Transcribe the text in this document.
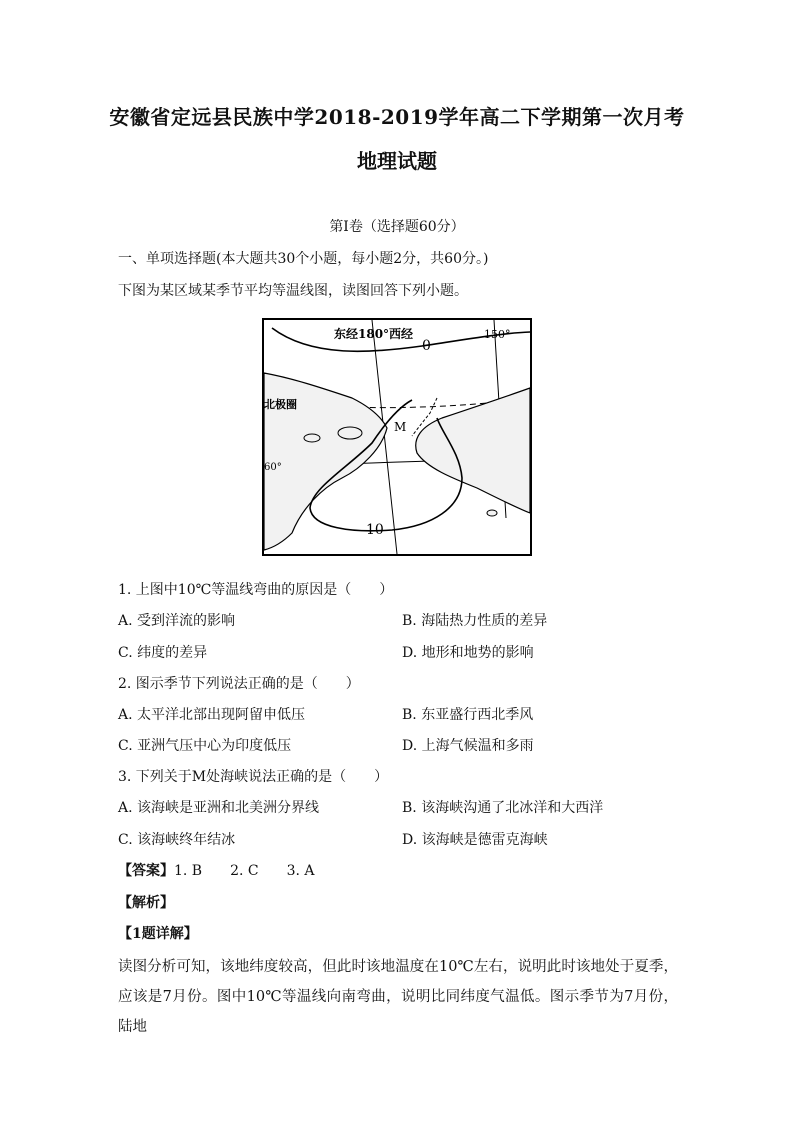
安徽省定远县民族中学2018-2019学年高二下学期第一次月考
地理试题
第Ⅰ卷（选择题60分）
一、单项选择题(本大题共30个小题，每小题2分，共60分。)
下图为某区域某季节平均等温线图，读图回答下列小题。
东经180°西经	150°
0
北极圈
60°
M
10
1. 上图中10℃等温线弯曲的原因是（　　）
A. 受到洋流的影响	B. 海陆热力性质的差异
C. 纬度的差异	D. 地形和地势的影响
2. 图示季节下列说法正确的是（　　）
A. 太平洋北部出现阿留申低压	B. 东亚盛行西北季风
C. 亚洲气压中心为印度低压	D. 上海气候温和多雨
3. 下列关于M处海峡说法正确的是（　　）
A. 该海峡是亚洲和北美洲分界线	B. 该海峡沟通了北冰洋和大西洋
C. 该海峡终年结冰	D. 该海峡是德雷克海峡
【答案】1. B　　2. C　　3. A
【解析】
【1题详解】
读图分析可知，该地纬度较高，但此时该地温度在10℃左右，说明此时该地处于夏季，应该是7月份。图中10℃等温线向南弯曲，说明比同纬度气温低。图示季节为7月份，陆地
